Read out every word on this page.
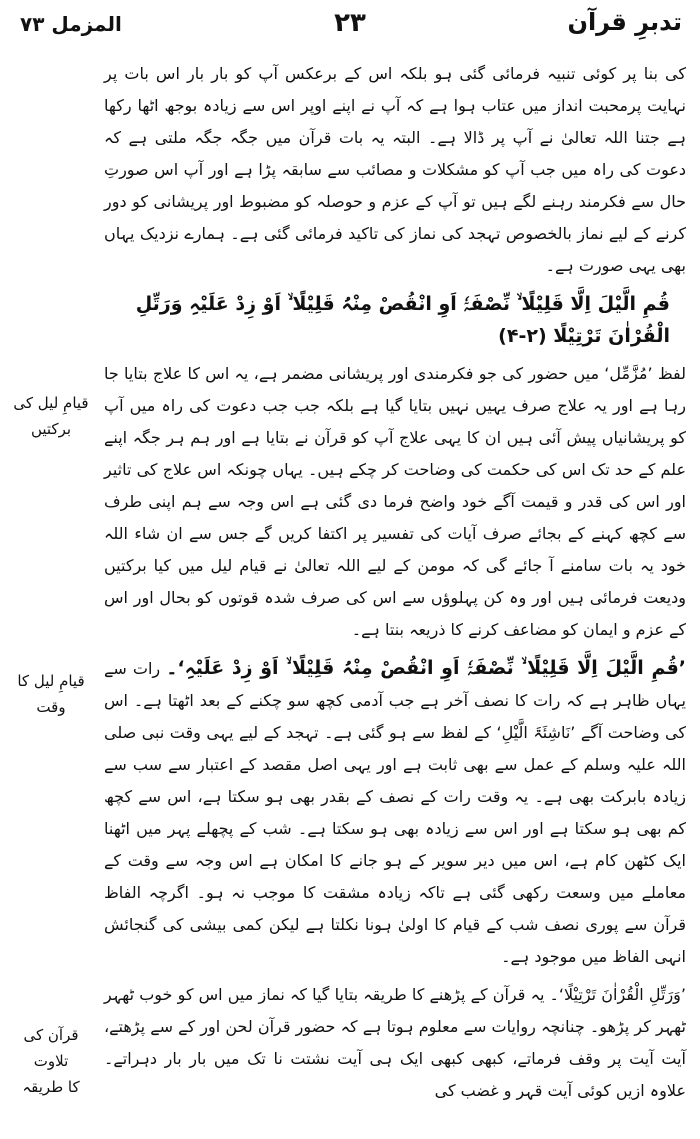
تدبرِ قرآن
۲۳
المزمل ۷۳

کی بنا پر کوئی تنبیہ فرمائی گئی ہو بلکہ اس کے برعکس آپ کو بار بار اس بات پر نہایت پرمحبت انداز میں عتاب ہوا ہے کہ آپ نے اپنے اوپر اس سے زیادہ بوجھ اٹھا رکھا ہے جتنا اللہ تعالیٰ نے آپ پر ڈالا ہے۔ البتہ یہ بات قرآن میں جگہ جگہ ملتی ہے کہ دعوت کی راہ میں جب آپ کو مشکلات و مصائب سے سابقہ پڑا ہے اور آپ اس صورتِ حال سے فکرمند رہنے لگے ہیں تو آپ کے عزم و حوصلہ کو مضبوط اور پریشانی کو دور کرنے کے لیے نماز بالخصوص تہجد کی نماز کی تاکید فرمائی گئی ہے۔ ہمارے نزدیک یہاں بھی یہی صورت ہے۔

قُمِ الَّیْلَ اِلَّا قَلِیْلًا ۙ نِّصْفَہٗۤ اَوِ انْقُصْ مِنْہُ قَلِیْلًا ۙ اَوْ زِدْ عَلَیْہِ وَرَتِّلِ
الْقُرْاٰنَ تَرْتِیْلًا (۲-۴)

لفظ ’مُزَّمِّل‘ میں حضور کی جو فکرمندی اور پریشانی مضمر ہے، یہ اس کا علاج بتایا جا رہا ہے اور یہ علاج صرف یہیں نہیں بتایا گیا ہے بلکہ جب جب دعوت کی راہ میں آپ کو پریشانیاں پیش آئی ہیں ان کا یہی علاج آپ کو قرآن نے بتایا ہے اور ہم ہر جگہ اپنے علم کے حد تک اس کی حکمت کی وضاحت کر چکے ہیں۔ یہاں چونکہ اس علاج کی تاثیر اور اس کی قدر و قیمت آگے خود واضح فرما دی گئی ہے اس وجہ سے ہم اپنی طرف سے کچھ کہنے کے بجائے صرف آیات کی تفسیر پر اکتفا کریں گے جس سے ان شاء اللہ خود یہ بات سامنے آ جائے گی کہ مومن کے لیے اللہ تعالیٰ نے قیام لیل میں کیا برکتیں ودیعت فرمائی ہیں اور وہ کن پہلوؤں سے اس کی صرف شدہ قوتوں کو بحال اور اس کے عزم و ایمان کو مضاعف کرنے کا ذریعہ بنتا ہے۔

’قُمِ الَّیْلَ اِلَّا قَلِیْلًا ۙ نِّصْفَہٗۤ اَوِ انْقُصْ مِنْہُ قَلِیْلًا ۙ اَوْ زِدْ عَلَیْہِ‘۔ رات سے یہاں ظاہر ہے کہ رات کا نصف آخر ہے جب آدمی کچھ سو چکنے کے بعد اٹھتا ہے۔ اس کی وضاحت آگے ’نَاشِئَۃَ الَّیْلِ‘ کے لفظ سے ہو گئی ہے۔ تہجد کے لیے یہی وقت نبی صلی اللہ علیہ وسلم کے عمل سے بھی ثابت ہے اور یہی اصل مقصد کے اعتبار سے سب سے زیادہ بابرکت بھی ہے۔ یہ وقت رات کے نصف کے بقدر بھی ہو سکتا ہے، اس سے کچھ کم بھی ہو سکتا ہے اور اس سے زیادہ بھی ہو سکتا ہے۔ شب کے پچھلے پہر میں اٹھنا ایک کٹھن کام ہے، اس میں دیر سویر کے ہو جانے کا امکان ہے اس وجہ سے وقت کے معاملے میں وسعت رکھی گئی ہے تاکہ زیادہ مشقت کا موجب نہ ہو۔ اگرچہ الفاظ قرآن سے پوری نصف شب کے قیام کا اولیٰ ہونا نکلتا ہے لیکن کمی بیشی کی گنجائش انہی الفاظ میں موجود ہے۔

’وَرَتِّلِ الْقُرْاٰنَ تَرْتِیْلًا‘۔ یہ قرآن کے پڑھنے کا طریقہ بتایا گیا کہ نماز میں اس کو خوب ٹھہر ٹھہر کر پڑھو۔ چنانچہ روایات سے معلوم ہوتا ہے کہ حضور قرآن لحن اور کے سے پڑھتے، آیت آیت پر وقف فرماتے، کبھی کبھی ایک ہی آیت نشتت نا تک میں بار بار دہراتے۔ علاوہ ازیں کوئی آیت قہر و غضب کی

قیامِ لیل کی
برکتیں
قیامِ لیل کا
وقت
قرآن کی تلاوت
کا طریقہ
